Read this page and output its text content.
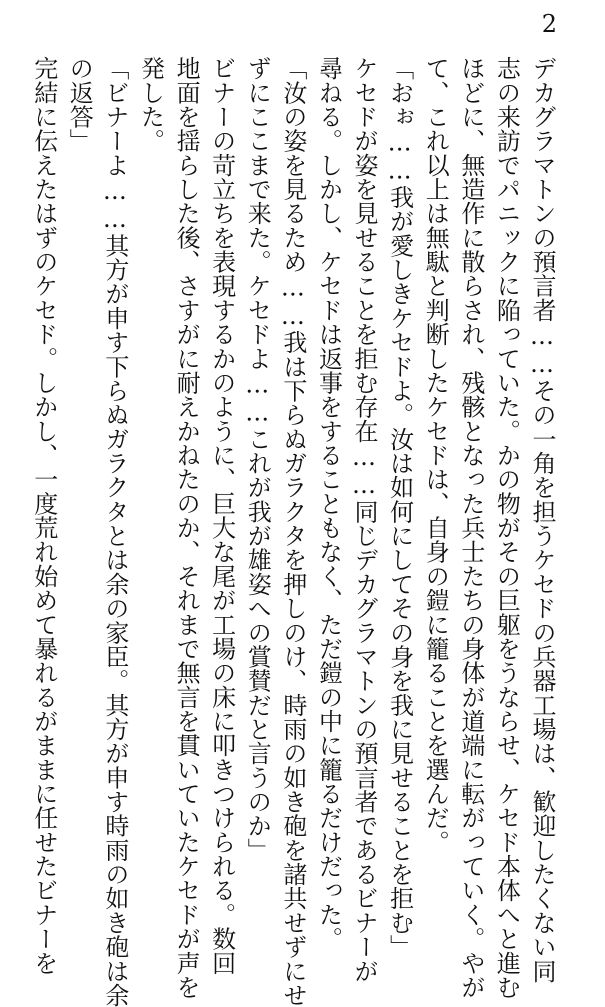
2
デカグラマトンの預言者……その一角を担うケセドの兵器工場は、歓迎したくない同
志の来訪でパニックに陥っていた。かの物がその巨躯をうならせ、ケセド本体へと進む
ほどに、無造作に散らされ、残骸となった兵士たちの身体が道端に転がっていく。やが
て、これ以上は無駄と判断したケセドは、自身の鎧に籠ることを選んだ。
「おぉ……我が愛しきケセドよ。汝は如何にしてその身を我に見せることを拒む」
ケセドが姿を見せることを拒む存在……同じデカグラマトンの預言者であるビナーが
尋ねる。しかし、ケセドは返事をすることもなく、ただ鎧の中に籠るだけだった。
「汝の姿を見るため……我は下らぬガラクタを押しのけ、時雨の如き砲を諸共せずにせ
ずにここまで来た。ケセドよ……これが我が雄姿への賞賛だと言うのか」
ビナーの苛立ちを表現するかのように、巨大な尾が工場の床に叩きつけられる。数回
地面を揺らした後、さすがに耐えかねたのか、それまで無言を貫いていたケセドが声を
発した。
「ビナーよ……其方が申す下らぬガラクタとは余の家臣。其方が申す時雨の如き砲は余
の返答」
完結に伝えたはずのケセド。しかし、一度荒れ始めて暴れるがままに任せたビナーを
